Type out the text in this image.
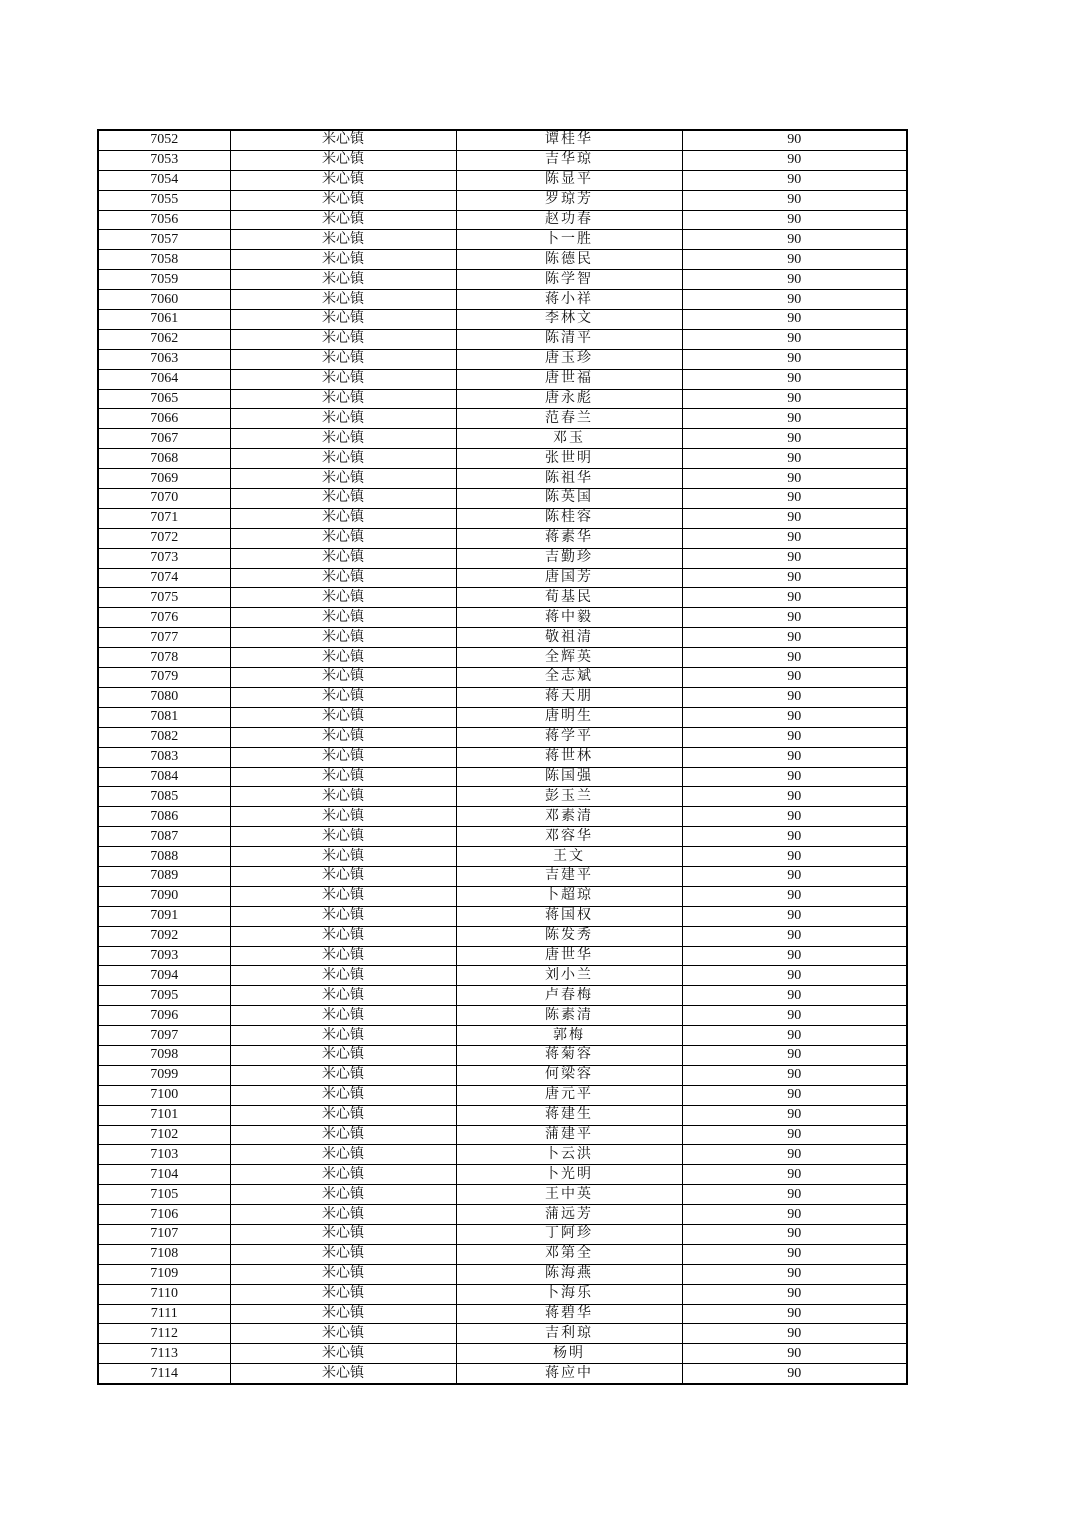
7052	米心镇	谭桂华	90
7053	米心镇	吉华琼	90
7054	米心镇	陈显平	90
7055	米心镇	罗琼芳	90
7056	米心镇	赵功春	90
7057	米心镇	卜一胜	90
7058	米心镇	陈德民	90
7059	米心镇	陈学智	90
7060	米心镇	蒋小祥	90
7061	米心镇	李林文	90
7062	米心镇	陈清平	90
7063	米心镇	唐玉珍	90
7064	米心镇	唐世福	90
7065	米心镇	唐永彪	90
7066	米心镇	范春兰	90
7067	米心镇	邓玉	90
7068	米心镇	张世明	90
7069	米心镇	陈祖华	90
7070	米心镇	陈英国	90
7071	米心镇	陈桂容	90
7072	米心镇	蒋素华	90
7073	米心镇	吉勤珍	90
7074	米心镇	唐国芳	90
7075	米心镇	荀基民	90
7076	米心镇	蒋中毅	90
7077	米心镇	敬祖清	90
7078	米心镇	全辉英	90
7079	米心镇	全志斌	90
7080	米心镇	蒋天朋	90
7081	米心镇	唐明生	90
7082	米心镇	蒋学平	90
7083	米心镇	蒋世林	90
7084	米心镇	陈国强	90
7085	米心镇	彭玉兰	90
7086	米心镇	邓素清	90
7087	米心镇	邓容华	90
7088	米心镇	王文	90
7089	米心镇	吉建平	90
7090	米心镇	卜超琼	90
7091	米心镇	蒋国权	90
7092	米心镇	陈发秀	90
7093	米心镇	唐世华	90
7094	米心镇	刘小兰	90
7095	米心镇	卢春梅	90
7096	米心镇	陈素清	90
7097	米心镇	郭梅	90
7098	米心镇	蒋菊容	90
7099	米心镇	何梁容	90
7100	米心镇	唐元平	90
7101	米心镇	蒋建生	90
7102	米心镇	蒲建平	90
7103	米心镇	卜云洪	90
7104	米心镇	卜光明	90
7105	米心镇	王中英	90
7106	米心镇	蒲远芳	90
7107	米心镇	丁阿珍	90
7108	米心镇	邓第全	90
7109	米心镇	陈海燕	90
7110	米心镇	卜海乐	90
7111	米心镇	蒋碧华	90
7112	米心镇	吉利琼	90
7113	米心镇	杨明	90
7114	米心镇	蒋应中	90
